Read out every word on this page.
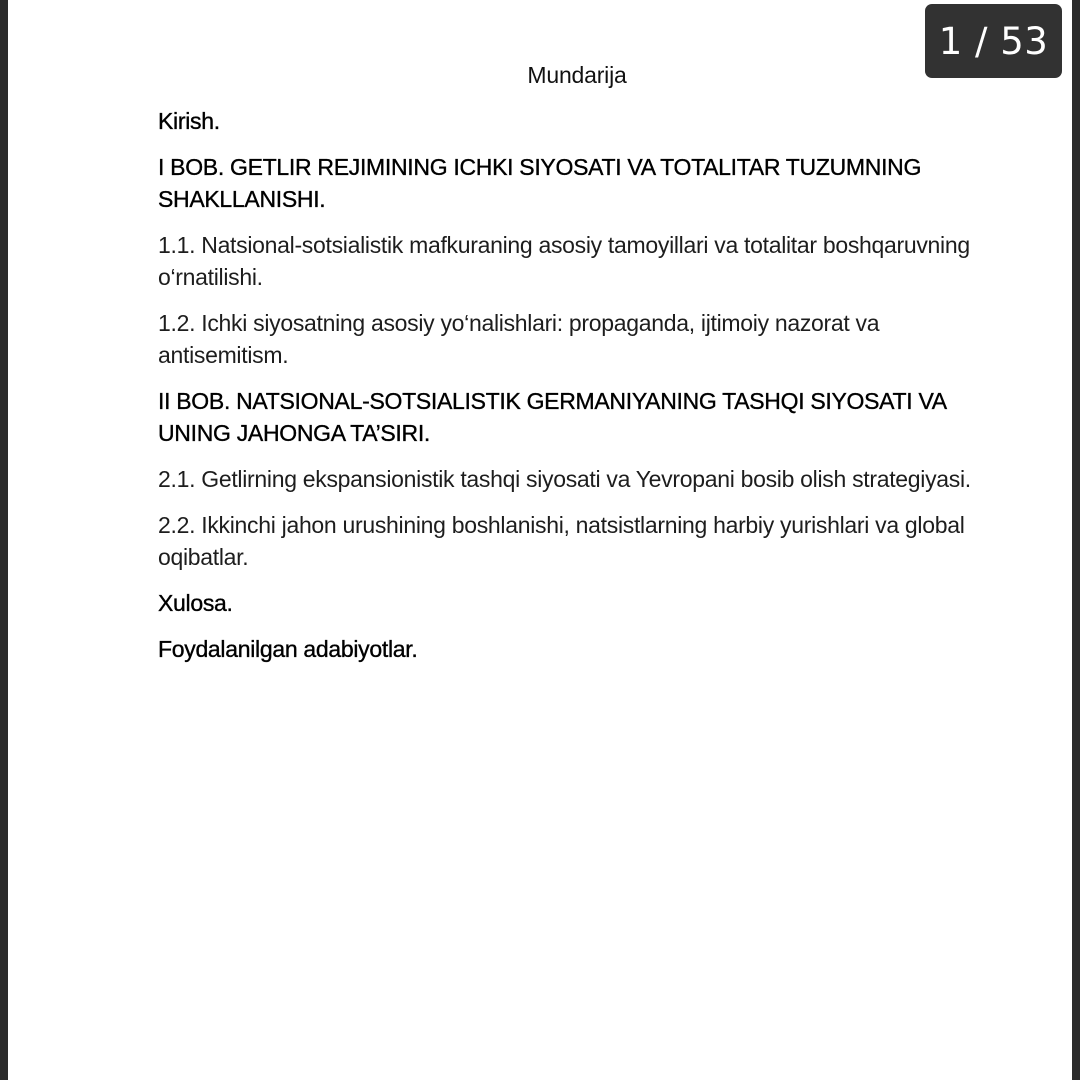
Mundarija
Kirish.
I BOB. GETLIR REJIMINING ICHKI SIYOSATI VA TOTALITAR TUZUMNING SHAKLLANISHI.
1.1. Natsional-sotsialistik mafkuraning asosiy tamoyillari va totalitar boshqaruvning o‘rnatilishi.
1.2. Ichki siyosatning asosiy yo‘nalishlari: propaganda, ijtimoiy nazorat va antisemitism.
II BOB. NATSIONAL-SOTSIALISTIK GERMANIYANING TASHQI SIYOSATI VA UNING JAHONGA TA’SIRI.
2.1. Getlirning ekspansionistik tashqi siyosati va Yevropani bosib olish strategiyasi.
2.2. Ikkinchi jahon urushining boshlanishi, natsistlarning harbiy yurishlari va global oqibatlar.
Xulosa.
Foydalanilgan adabiyotlar.
1 / 53
